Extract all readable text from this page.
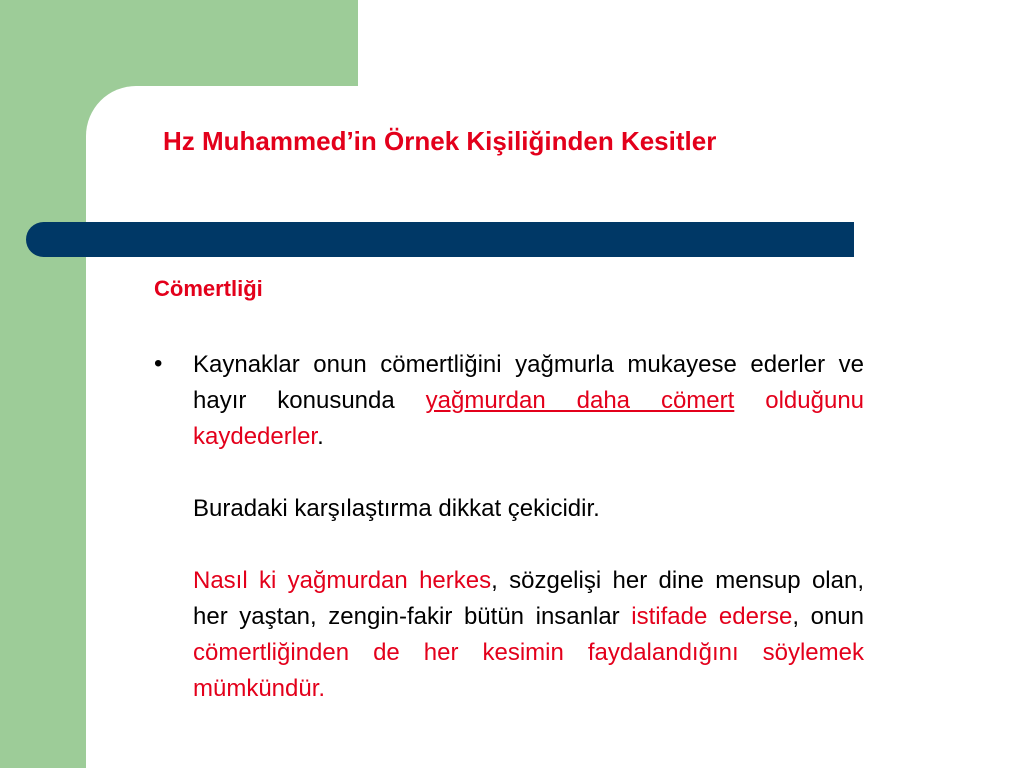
Hz Muhammed’in Örnek Kişiliğinden Kesitler
Cömertliği
• Kaynaklar onun cömertliğini yağmurla mukayese ederler ve hayır konusunda yağmurdan daha cömert olduğunu kaydederler.

Buradaki karşılaştırma dikkat çekicidir.

Nasıl ki yağmurdan herkes, sözgelişi her dine mensup olan, her yaştan, zengin-fakir bütün insanlar istifade ederse, onun cömertliğinden de her kesimin faydalandığını söylemek mümkündür.
